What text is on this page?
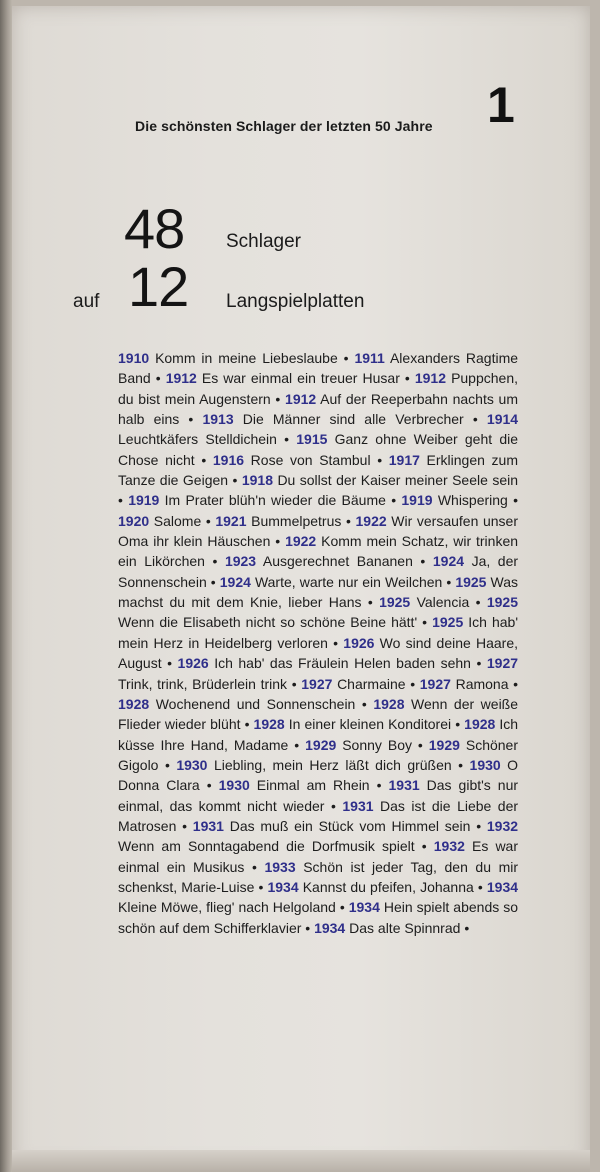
Die schönsten Schlager der letzten 50 Jahre 1
48 Schlager
auf 12 Langspielplatten
1910 Komm in meine Liebeslaube • 1911 Alexanders Ragtime Band • 1912 Es war einmal ein treuer Husar • 1912 Puppchen, du bist mein Augenstern • 1912 Auf der Reeperbahn nachts um halb eins • 1913 Die Männer sind alle Verbrecher • 1914 Leuchtkäfers Stelldichein • 1915 Ganz ohne Weiber geht die Chose nicht • 1916 Rose von Stambul • 1917 Erklingen zum Tanze die Geigen • 1918 Du sollst der Kaiser meiner Seele sein • 1919 Im Prater blüh'n wieder die Bäume • 1919 Whispering • 1920 Salome • 1921 Bummelpetrus • 1922 Wir versaufen unser Oma ihr klein Häuschen • 1922 Komm mein Schatz, wir trinken ein Likörchen • 1923 Ausgerechnet Bananen • 1924 Ja, der Sonnenschein • 1924 Warte, warte nur ein Weilchen • 1925 Was machst du mit dem Knie, lieber Hans • 1925 Valencia • 1925 Wenn die Elisabeth nicht so schöne Beine hätt' • 1925 Ich hab' mein Herz in Heidelberg verloren • 1926 Wo sind deine Haare, August • 1926 Ich hab' das Fräulein Helen baden sehn • 1927 Trink, trink, Brüderlein trink • 1927 Charmaine • 1927 Ramona • 1928 Wochenend und Sonnenschein • 1928 Wenn der weiße Flieder wieder blüht • 1928 In einer kleinen Konditorei • 1928 Ich küsse Ihre Hand, Madame • 1929 Sonny Boy • 1929 Schöner Gigolo • 1930 Liebling, mein Herz läßt dich grüßen • 1930 O Donna Clara • 1930 Einmal am Rhein • 1931 Das gibt's nur einmal, das kommt nicht wieder • 1931 Das ist die Liebe der Matrosen • 1931 Das muß ein Stück vom Himmel sein • 1932 Wenn am Sonntagabend die Dorfmusik spielt • 1932 Es war einmal ein Musikus • 1933 Schön ist jeder Tag, den du mir schenkst, Marie-Luise • 1934 Kannst du pfeifen, Johanna • 1934 Kleine Möwe, flieg' nach Helgoland • 1934 Hein spielt abends so schön auf dem Schifferklavier • 1934 Das alte Spinnrad •
